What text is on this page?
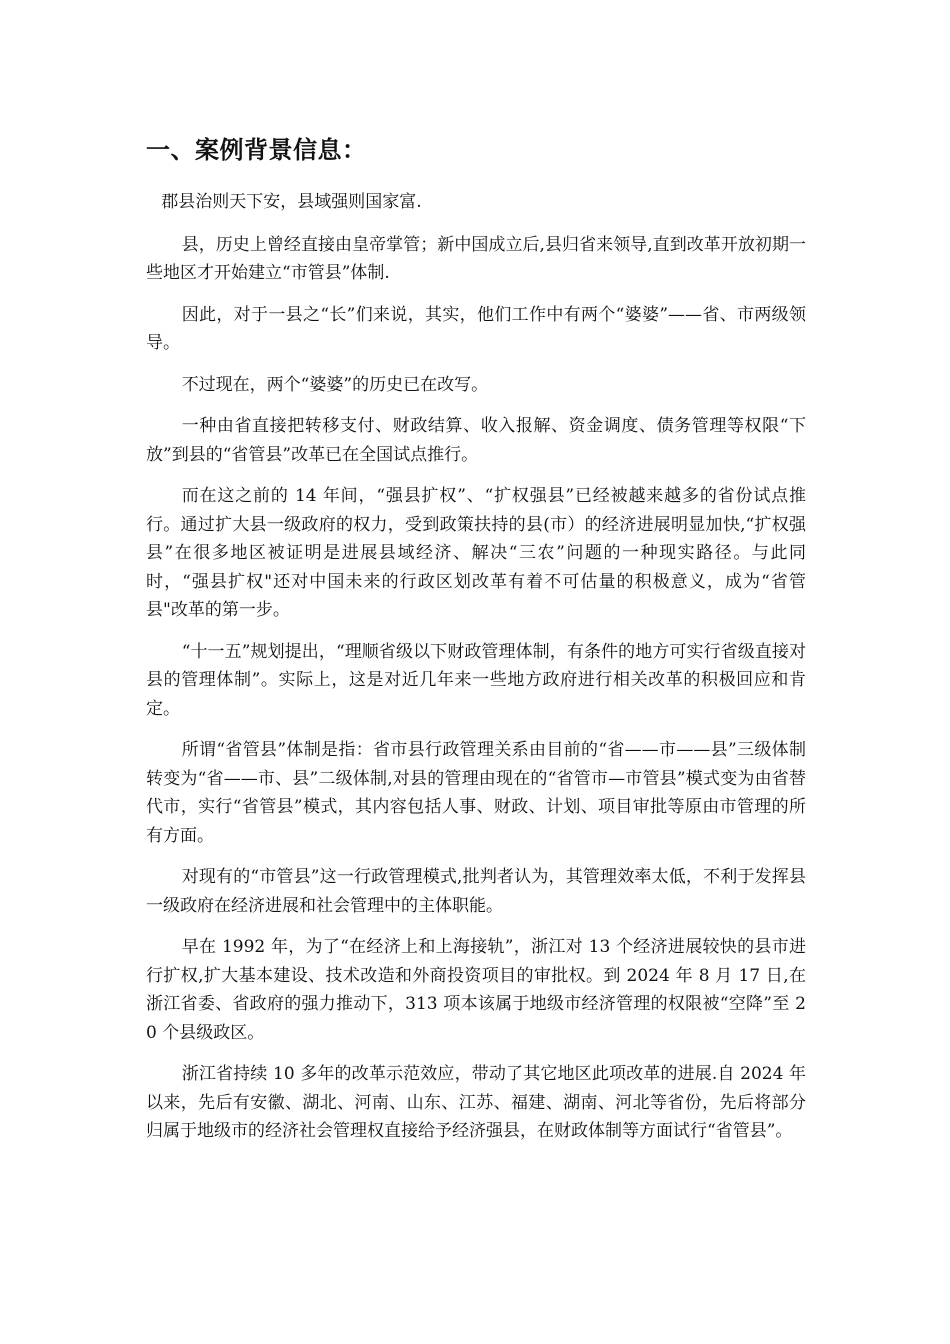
一、案例背景信息：

郡县治则天下安，县域强则国家富.

县，历史上曾经直接由皇帝掌管；新中国成立后,县归省来领导,直到改革开放初期一些地区才开始建立“市管县”体制.

因此，对于一县之“长”们来说，其实，他们工作中有两个“婆婆”——省、市两级领导。

不过现在，两个“婆婆”的历史已在改写。

一种由省直接把转移支付、财政结算、收入报解、资金调度、债务管理等权限“下放”到县的“省管县”改革已在全国试点推行。

而在这之前的 14 年间，“强县扩权”、“扩权强县”已经被越来越多的省份试点推行。通过扩大县一级政府的权力，受到政策扶持的县(市）的经济进展明显加快,“扩权强县”在很多地区被证明是进展县域经济、解决“三农”问题的一种现实路径。与此同时，“强县扩权"还对中国未来的行政区划改革有着不可估量的积极意义，成为“省管县"改革的第一步。

“十一五”规划提出，“理顺省级以下财政管理体制，有条件的地方可实行省级直接对县的管理体制”。实际上，这是对近几年来一些地方政府进行相关改革的积极回应和肯定。

所谓“省管县”体制是指：省市县行政管理关系由目前的“省——市——县”三级体制转变为“省——市、县”二级体制,对县的管理由现在的“省管市—市管县”模式变为由省替代市，实行“省管县”模式，其内容包括人事、财政、计划、项目审批等原由市管理的所有方面。

对现有的“市管县”这一行政管理模式,批判者认为，其管理效率太低，不利于发挥县一级政府在经济进展和社会管理中的主体职能。

早在 1992 年，为了“在经济上和上海接轨”，浙江对 13 个经济进展较快的县市进行扩权,扩大基本建设、技术改造和外商投资项目的审批权。到 2024 年 8 月 17 日,在浙江省委、省政府的强力推动下，313 项本该属于地级市经济管理的权限被“空降”至 20 个县级政区。

浙江省持续 10 多年的改革示范效应，带动了其它地区此项改革的进展.自 2024 年以来，先后有安徽、湖北、河南、山东、江苏、福建、湖南、河北等省份，先后将部分归属于地级市的经济社会管理权直接给予经济强县，在财政体制等方面试行“省管县”。
